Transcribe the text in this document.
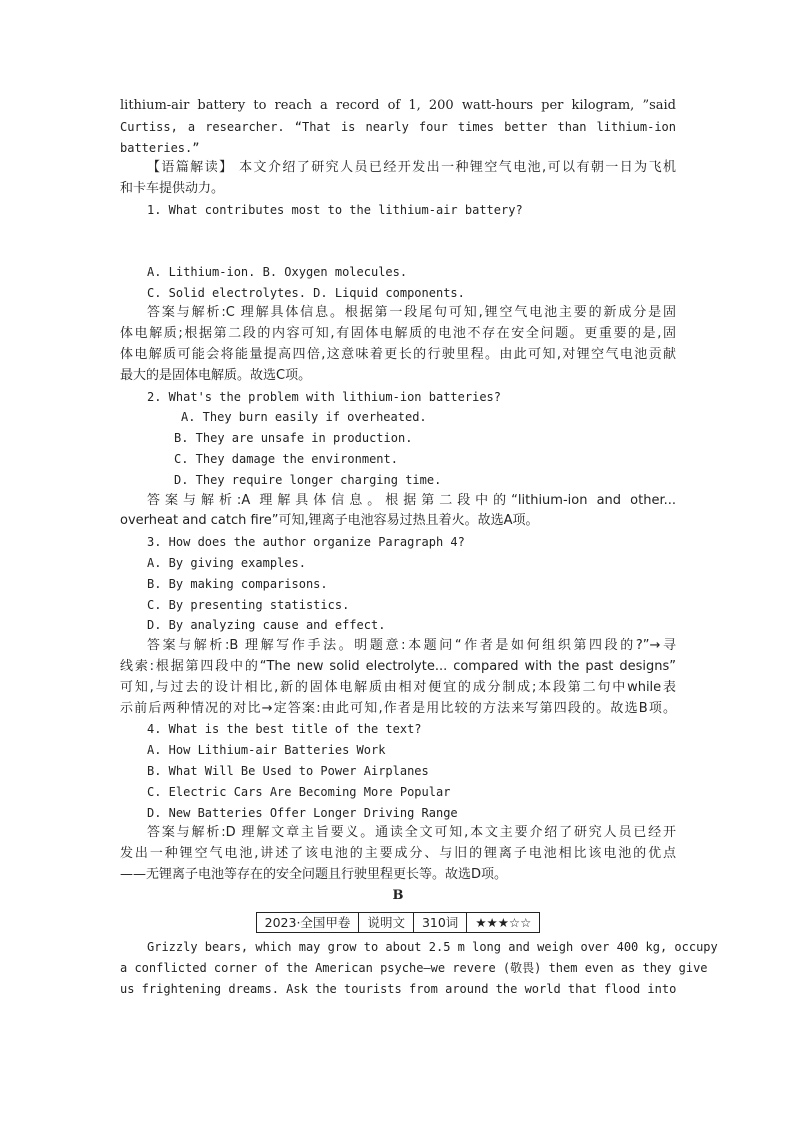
lithium-air battery to reach a record of 1, 200 watt-hours per kilogram, ”said
Curtiss, a researcher. “That is nearly four times better than lithium-ion
batteries.”
【语篇解读】 本文介绍了研究人员已经开发出一种锂空气电池,可以有朝一日为飞机
和卡车提供动力。
1. What contributes most to the lithium-air battery?
A. Lithium-ion. B. Oxygen molecules.
C. Solid electrolytes. D. Liquid components.
答案与解析:C 理解具体信息。根据第一段尾句可知,锂空气电池主要的新成分是固
体电解质;根据第二段的内容可知,有固体电解质的电池不存在安全问题。更重要的是,固
体电解质可能会将能量提高四倍,这意味着更长的行驶里程。由此可知,对锂空气电池贡献
最大的是固体电解质。故选C项。
2. What's the problem with lithium-ion batteries?
A. They burn easily if overheated.
B. They are unsafe in production.
C. They damage the environment.
D. They require longer charging time.
答案与解析:A 理解具体信息。根据第二段中的“lithium-ion and other...
overheat and catch fire”可知,锂离子电池容易过热且着火。故选A项。
3. How does the author organize Paragraph 4?
A. By giving examples.
B. By making comparisons.
C. By presenting statistics.
D. By analyzing cause and effect.
答案与解析:B 理解写作手法。明题意:本题问“作者是如何组织第四段的?”→寻
线索:根据第四段中的“The new solid electrolyte... compared with the past designs”
可知,与过去的设计相比,新的固体电解质由相对便宜的成分制成;本段第二句中while表
示前后两种情况的对比→定答案:由此可知,作者是用比较的方法来写第四段的。故选B项。
4. What is the best title of the text?
A. How Lithium-air Batteries Work
B. What Will Be Used to Power Airplanes
C. Electric Cars Are Becoming More Popular
D. New Batteries Offer Longer Driving Range
答案与解析:D 理解文章主旨要义。通读全文可知,本文主要介绍了研究人员已经开
发出一种锂空气电池,讲述了该电池的主要成分、与旧的锂离子电池相比该电池的优点
——无锂离子电池等存在的安全问题且行驶里程更长等。故选D项。
B
2023·全国甲卷	说明文	310词	★★★☆☆
Grizzly bears, which may grow to about 2.5 m long and weigh over 400 kg, occupy
a conflicted corner of the American psyche—we revere (敬畏) them even as they give
us frightening dreams. Ask the tourists from around the world that flood into
